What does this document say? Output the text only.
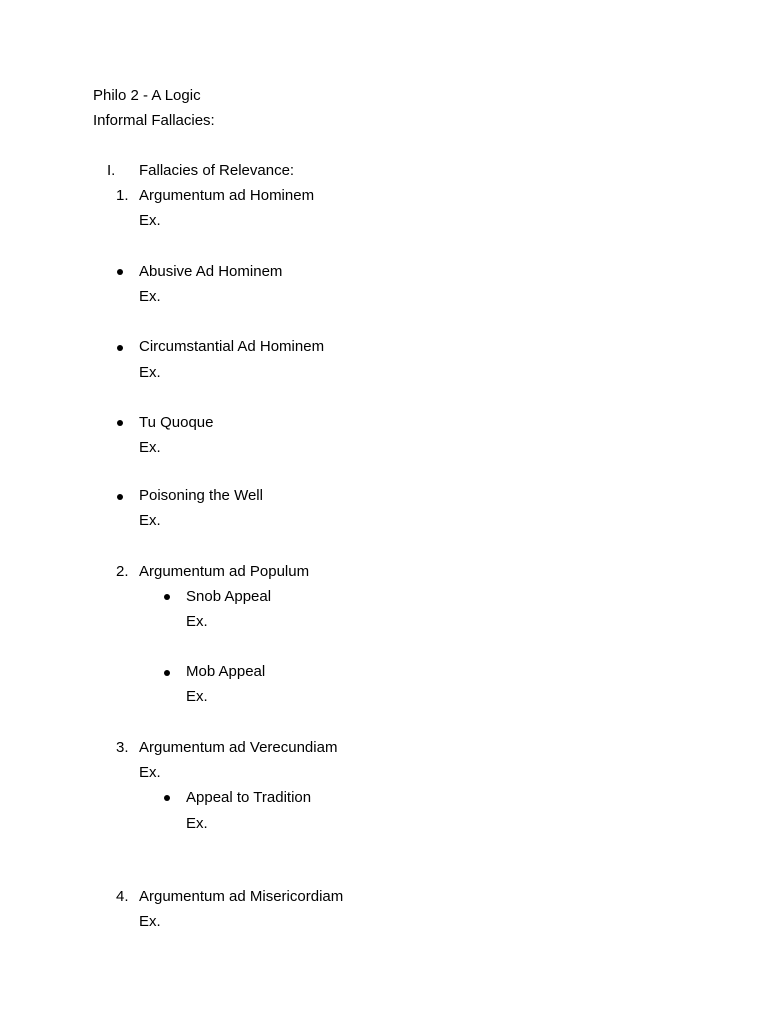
Philo 2 - A Logic
Informal Fallacies:
I. Fallacies of Relevance:
1. Argumentum ad Hominem
Ex.
Abusive Ad Hominem
Ex.
Circumstantial Ad Hominem
Ex.
Tu Quoque
Ex.
Poisoning the Well
Ex.
2. Argumentum ad Populum
Snob Appeal
Ex.
Mob Appeal
Ex.
3. Argumentum ad Verecundiam
Ex.
Appeal to Tradition
Ex.
4. Argumentum ad Misericordiam
Ex.
